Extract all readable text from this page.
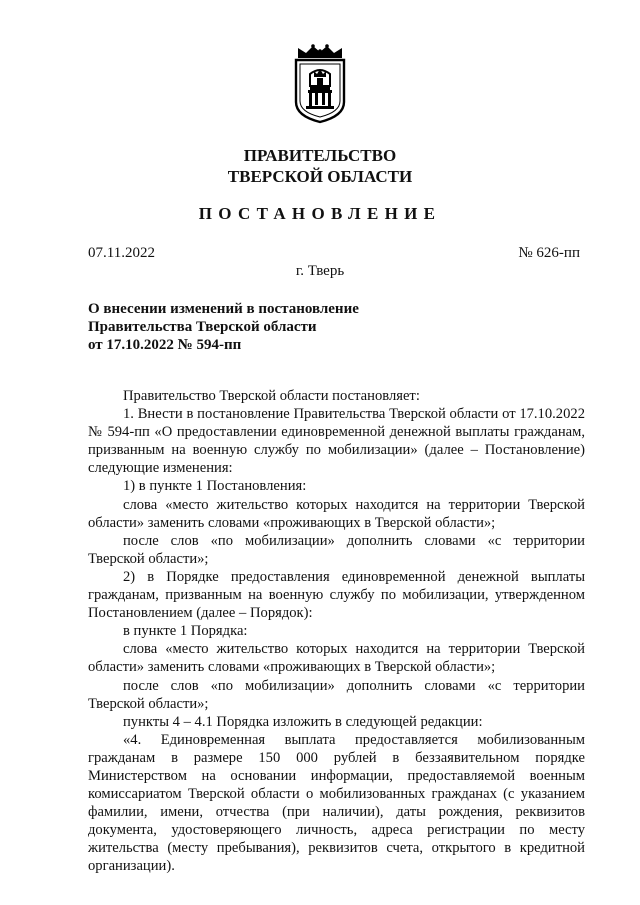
ПРАВИТЕЛЬСТВО
ТВЕРСКОЙ ОБЛАСТИ
ПОСТАНОВЛЕНИЕ
07.11.2022	№ 626-пп
г. Тверь
О внесении изменений в постановление
Правительства Тверской области
от 17.10.2022 № 594-пп

Правительство Тверской области постановляет:

1. Внести в постановление Правительства Тверской области от 17.10.2022 № 594-пп «О предоставлении единовременной денежной выплаты гражданам, призванным на военную службу по мобилизации» (далее – Постановление) следующие изменения:

1) в пункте 1 Постановления:

слова «место жительство которых находится на территории Тверской области» заменить словами «проживающих в Тверской области»;

после слов «по мобилизации» дополнить словами «с территории Тверской области»;

2) в Порядке предоставления единовременной денежной выплаты гражданам, призванным на военную службу по мобилизации, утвержденном Постановлением (далее – Порядок):

в пункте 1 Порядка:

слова «место жительство которых находится на территории Тверской области» заменить словами «проживающих в Тверской области»;

после слов «по мобилизации» дополнить словами «с территории Тверской области»;

пункты 4 – 4.1 Порядка изложить в следующей редакции:

«4. Единовременная выплата предоставляется мобилизованным гражданам в размере 150 000 рублей в беззаявительном порядке Министерством на основании информации, предоставляемой военным комиссариатом Тверской области о мобилизованных гражданах (с указанием фамилии, имени, отчества (при наличии), даты рождения, реквизитов документа, удостоверяющего личность, адреса регистрации по месту жительства (месту пребывания), реквизитов счета, открытого в кредитной организации).
